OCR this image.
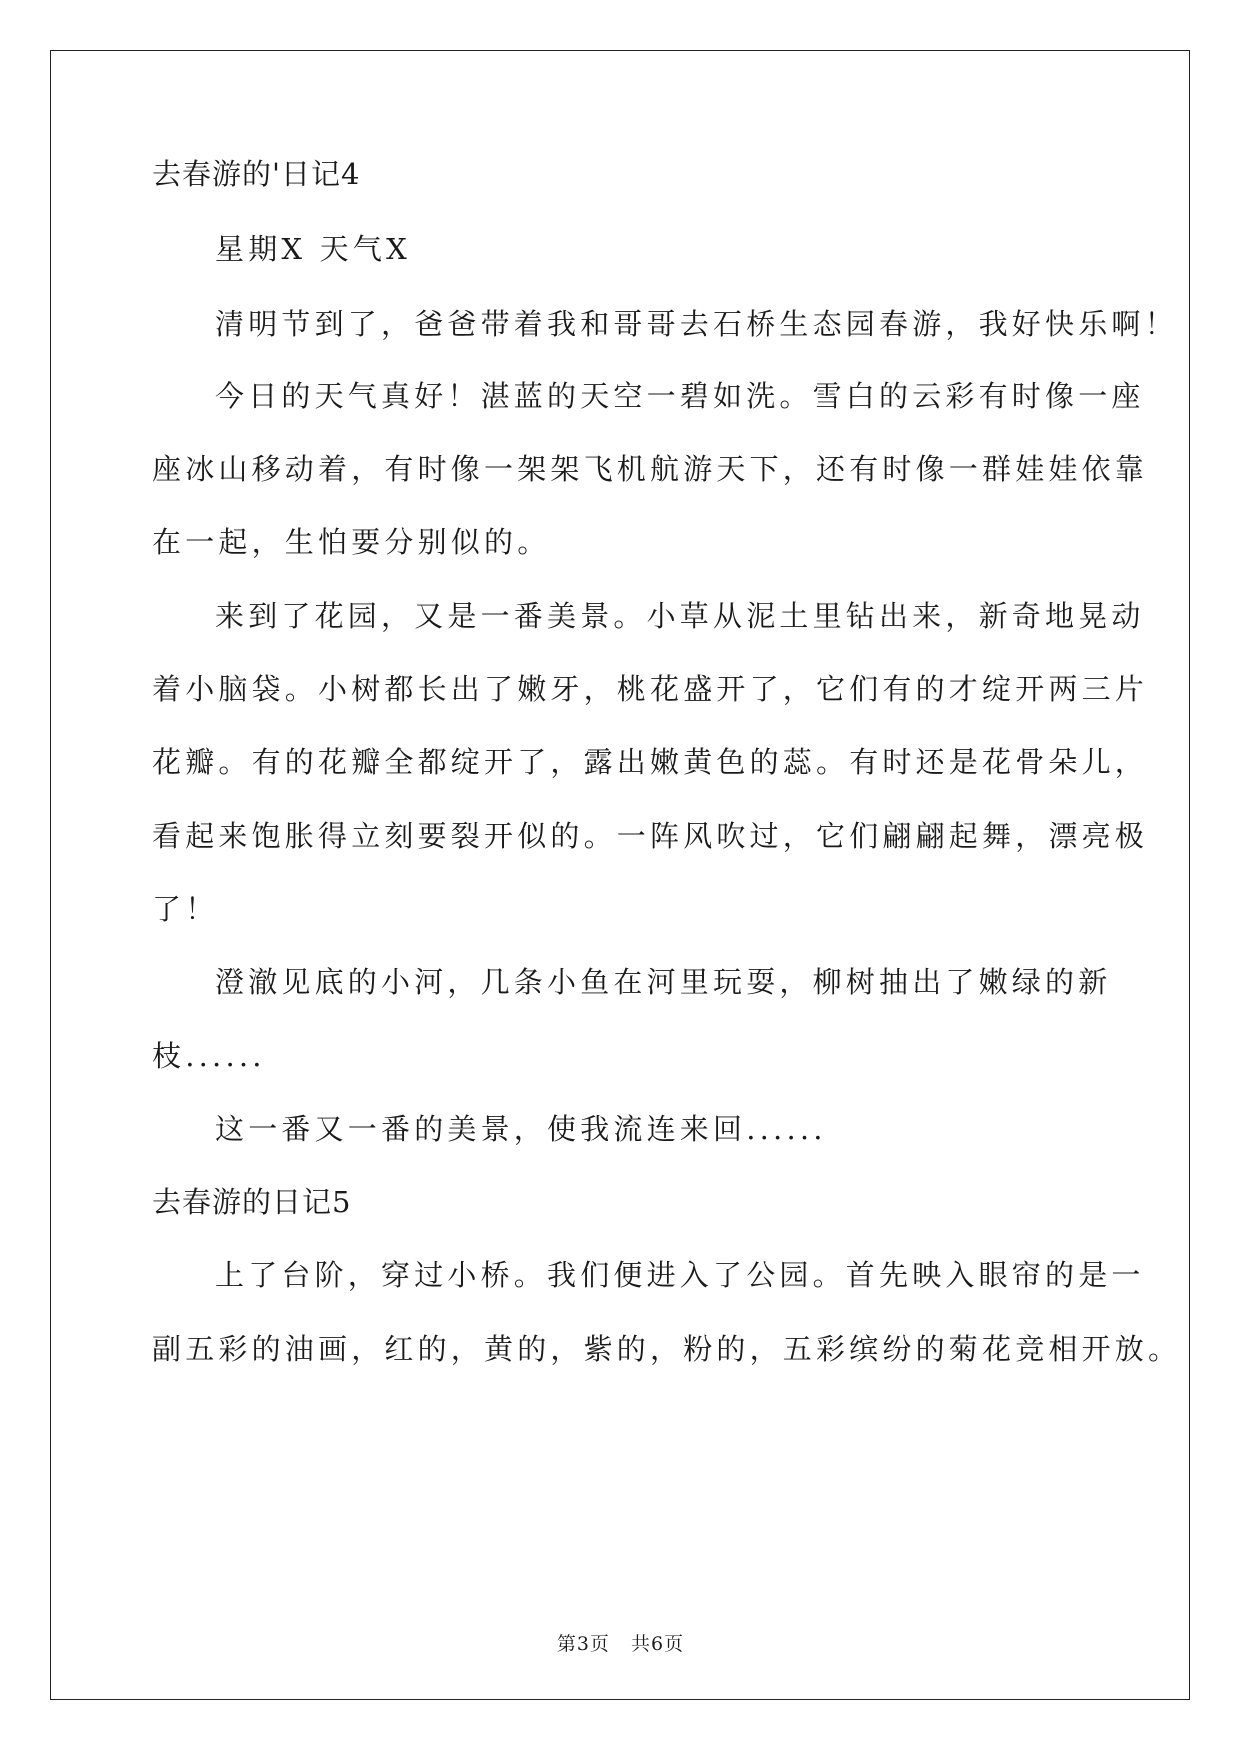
去春游的'日记4
星期X 天气X
清明节到了，爸爸带着我和哥哥去石桥生态园春游，我好快乐啊！
今日的天气真好！湛蓝的天空一碧如洗。雪白的云彩有时像一座
座冰山移动着，有时像一架架飞机航游天下，还有时像一群娃娃依靠
在一起，生怕要分别似的。
来到了花园，又是一番美景。小草从泥土里钻出来，新奇地晃动
着小脑袋。小树都长出了嫩牙，桃花盛开了，它们有的才绽开两三片
花瓣。有的花瓣全都绽开了，露出嫩黄色的蕊。有时还是花骨朵儿，
看起来饱胀得立刻要裂开似的。一阵风吹过，它们翩翩起舞，漂亮极
了！
澄澈见底的小河，几条小鱼在河里玩耍，柳树抽出了嫩绿的新
枝......
这一番又一番的美景，使我流连来回......
去春游的日记5
上了台阶，穿过小桥。我们便进入了公园。首先映入眼帘的是一
副五彩的油画，红的，黄的，紫的，粉的，五彩缤纷的菊花竞相开放。
第3页   共6页
